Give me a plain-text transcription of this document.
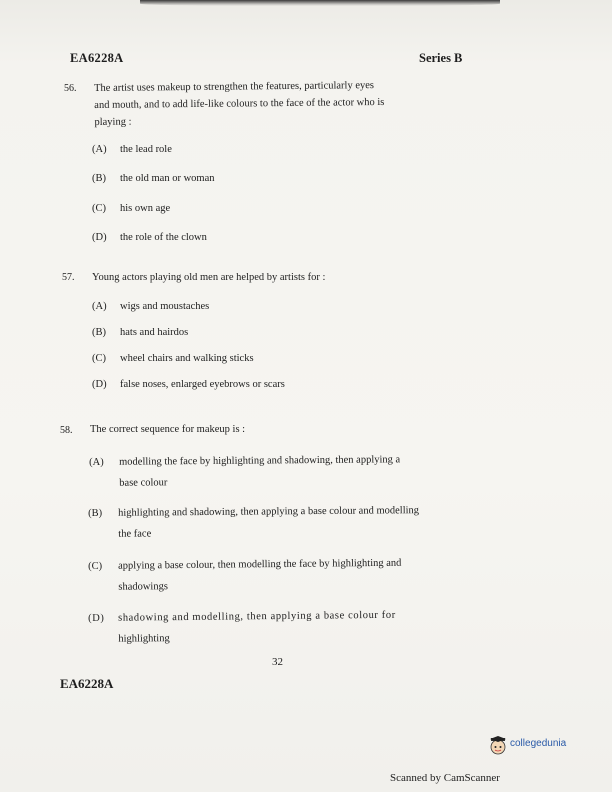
EA6228A	Series B
56. The artist uses makeup to strengthen the features, particularly eyes
and mouth, and to add life-like colours to the face of the actor who is
playing :
(A) the lead role
(B) the old man or woman
(C) his own age
(D) the role of the clown
57. Young actors playing old men are helped by artists for :
(A) wigs and moustaches
(B) hats and hairdos
(C) wheel chairs and walking sticks
(D) false noses, enlarged eyebrows or scars
58. The correct sequence for makeup is :
(A) modelling the face by highlighting and shadowing, then applying a
base colour
(B) highlighting and shadowing, then applying a base colour and modelling
the face
(C) applying a base colour, then modelling the face by highlighting and
shadowings
(D) shadowing and modelling, then applying a base colour for
highlighting
32
EA6228A
collegedunia
Scanned by CamScanner
